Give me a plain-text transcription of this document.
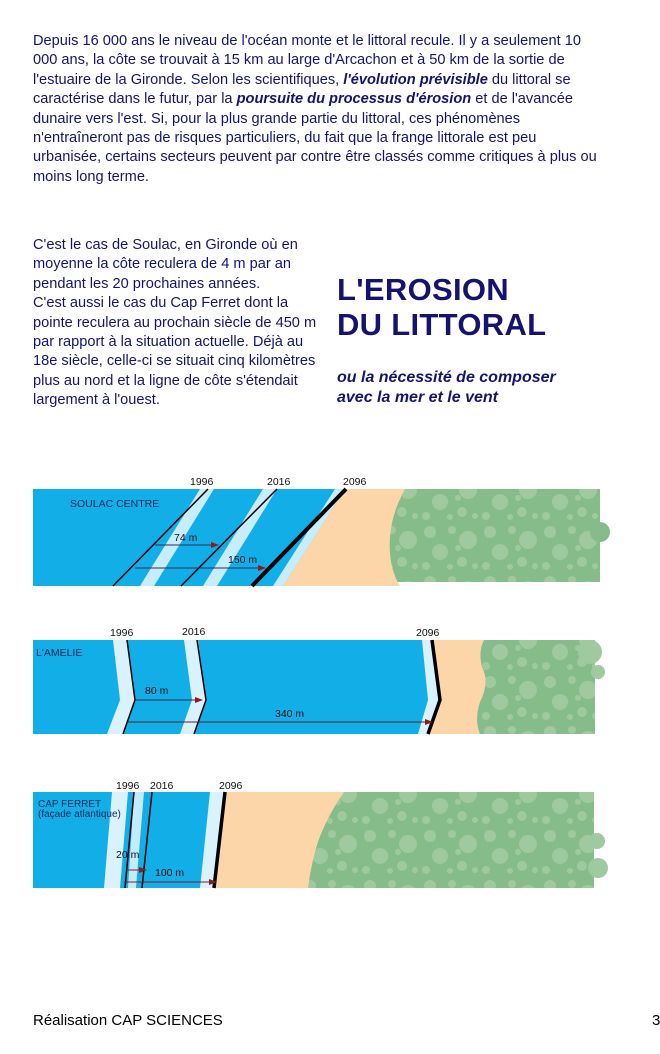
Depuis 16 000 ans le niveau de l'océan monte et le littoral recule. Il y a seulement 10 000 ans, la côte se trouvait à 15 km au large d'Arcachon et à 50 km de la sortie de l'estuaire de la Gironde. Selon les scientifiques, l'évolution prévisible du littoral se caractérise dans le futur, par la poursuite du processus d'érosion et de l'avancée dunaire vers l'est. Si, pour la plus grande partie du littoral, ces phénomènes n'entraîneront pas de risques particuliers, du fait que la frange littorale est peu urbanisée, certains secteurs peuvent par contre être classés comme critiques à plus ou moins long terme.

C'est le cas de Soulac, en Gironde où en moyenne la côte reculera de 4 m par an pendant les 20 prochaines années.

C'est aussi le cas du Cap Ferret dont la pointe reculera au prochain siècle de 450 m par rapport à la situation actuelle. Déjà au 18e siècle, celle-ci se situait cinq kilomètres plus au nord et la ligne de côte s'étendait largement à l'ouest.

L'EROSION
DU LITTORAL
ou la nécessité de composer
avec la mer et le vent
1996	2016	2096
SOULAC CENTRE
74 m
150 m
1996	2016	2096
L'AMELIE
80 m
340 m
1996 2016	2096
CAP FERRET
(façade atlantique)
20 m
100 m
Réalisation CAP SCIENCES	3
